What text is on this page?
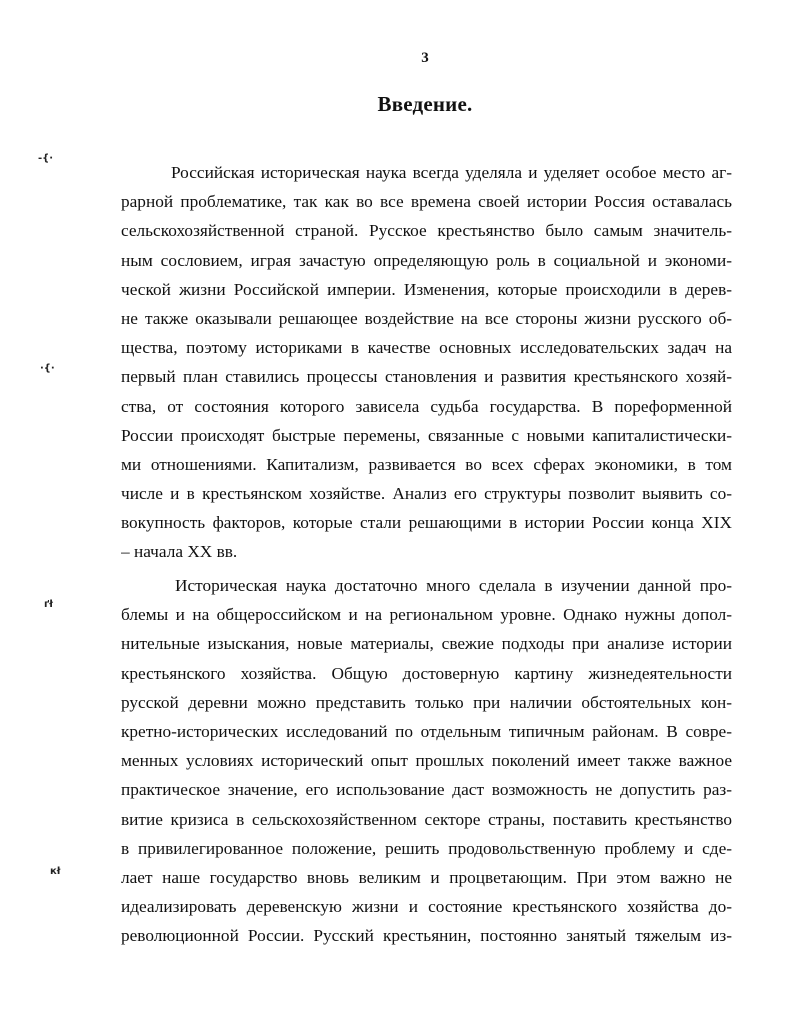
3
Введение.
Российская историческая наука всегда уделяла и уделяет особое место аг-
рарной проблематике, так как во все времена своей истории Россия оставалась
сельскохозяйственной страной. Русское крестьянство было самым значитель-
ным сословием, играя зачастую определяющую роль в социальной и экономи-
ческой жизни Российской империи. Изменения, которые происходили в дерев-
не также оказывали решающее воздействие на все стороны жизни русского об-
щества, поэтому историками в качестве основных исследовательских задач на
первый план ставились процессы становления и развития крестьянского хозяй-
ства, от состояния которого зависела судьба государства. В пореформенной
России происходят быстрые перемены, связанные с новыми капиталистически-
ми отношениями. Капитализм, развивается во всех сферах экономики, в том
числе и в крестьянском хозяйстве. Анализ его структуры позволит выявить со-
вокупность факторов, которые стали решающими в истории России конца XIX
– начала XX вв.
Историческая наука достаточно много сделала в изучении данной про-
блемы и на общероссийском и на региональном уровне. Однако нужны допол-
нительные изыскания, новые материалы, свежие подходы при анализе истории
крестьянского хозяйства. Общую достоверную картину жизнедеятельности
русской деревни можно представить только при наличии обстоятельных кон-
кретно-исторических исследований по отдельным типичным районам. В совре-
менных условиях исторический опыт прошлых поколений имеет также важное
практическое значение, его использование даст возможность не допустить раз-
витие кризиса в сельскохозяйственном секторе страны, поставить крестьянство
в привилегированное положение, решить продовольственную проблему и сде-
лает наше государство вновь великим и процветающим. При этом важно не
идеализировать деревенскую жизни и состояние крестьянского хозяйства до-
революционной России. Русский крестьянин, постоянно занятый тяжелым из-
-{·
·{·
ґł
кł
